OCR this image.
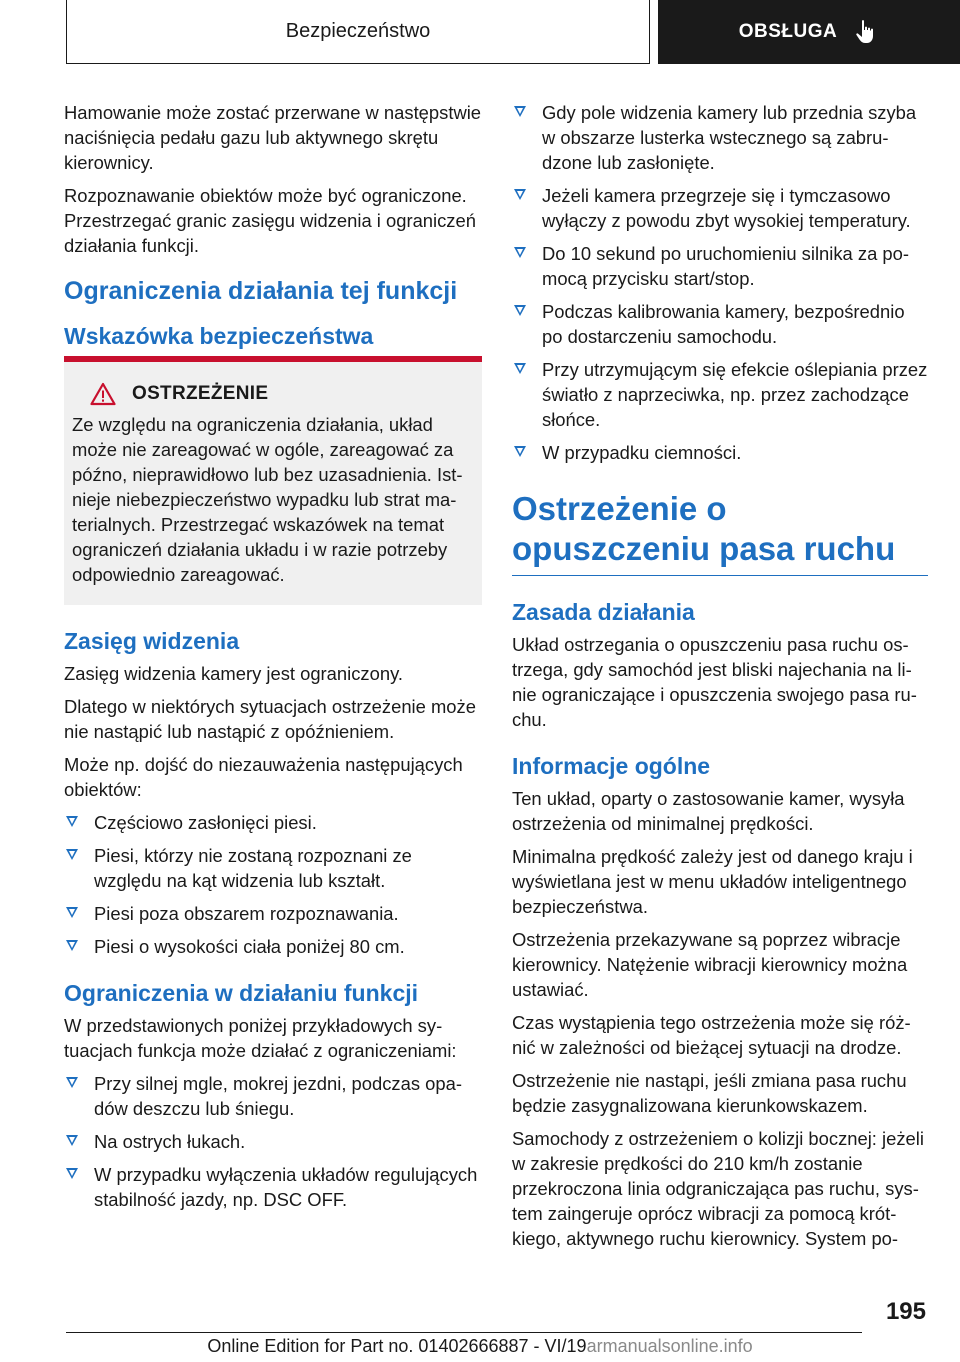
Bezpieczeństwo	OBSŁUGA

Hamowanie może zostać przerwane w następstwie naciśnięcia pedału gazu lub aktywnego skrętu kierownicy.

Rozpoznawanie obiektów może być ograniczone. Przestrzegać granic zasięgu widzenia i ograniczeń działania funkcji.

Ograniczenia działania tej funkcji
Wskazówka bezpieczeństwa
OSTRZEŻENIE

Ze względu na ograniczenia działania, układ może nie zareagować w ogóle, zareagować za późno, nieprawidłowo lub bez uzasadnienia. Istnieje niebezpieczeństwo wypadku lub strat materialnych. Przestrzegać wskazówek na temat ograniczeń działania układu i w razie potrzeby odpowiednio zareagować.

Zasięg widzenia

Zasięg widzenia kamery jest ograniczony.

Dlatego w niektórych sytuacjach ostrzeżenie może nie nastąpić lub nastąpić z opóźnieniem.

Może np. dojść do niezauważenia następujących obiektów:

Częściowo zasłonięci piesi.
Piesi, którzy nie zostaną rozpoznani ze względu na kąt widzenia lub kształt.
Piesi poza obszarem rozpoznawania.
Piesi o wysokości ciała poniżej 80 cm.
Ograniczenia w działaniu funkcji

W przedstawionych poniżej przykładowych sytuacjach funkcja może działać z ograniczeniami:

Przy silnej mgle, mokrej jezdni, podczas opadów deszczu lub śniegu.
Na ostrych łukach.
W przypadku wyłączenia układów regulujących stabilność jazdy, np. DSC OFF.
Gdy pole widzenia kamery lub przednia szyba w obszarze lusterka wstecznego są zabrudzone lub zasłonięte.
Jeżeli kamera przegrzeje się i tymczasowo wyłączy z powodu zbyt wysokiej temperatury.
Do 10 sekund po uruchomieniu silnika za pomocą przycisku start/stop.
Podczas kalibrowania kamery, bezpośrednio po dostarczeniu samochodu.
Przy utrzymującym się efekcie oślepiania przez światło z naprzeciwka, np. przez zachodzące słońce.
W przypadku ciemności.
Ostrzeżenie o opuszczeniu pasa ruchu
Zasada działania

Układ ostrzegania o opuszczeniu pasa ruchu ostrzega, gdy samochód jest bliski najechania na linie ograniczające i opuszczenia swojego pasa ruchu.

Informacje ogólne

Ten układ, oparty o zastosowanie kamer, wysyła ostrzeżenia od minimalnej prędkości.

Minimalna prędkość zależy jest od danego kraju i wyświetlana jest w menu układów inteligentnego bezpieczeństwa.

Ostrzeżenia przekazywane są poprzez wibracje kierownicy. Natężenie wibracji kierownicy można ustawiać.

Czas wystąpienia tego ostrzeżenia może się różnić w zależności od bieżącej sytuacji na drodze.

Ostrzeżenie nie nastąpi, jeśli zmiana pasa ruchu będzie zasygnalizowana kierunkowskazem.

Samochody z ostrzeżeniem o kolizji bocznej: jeżeli w zakresie prędkości do 210 km/h zostanie przekroczona linia odgraniczająca pas ruchu, system zaingeruje oprócz wibracji za pomocą krótkiego, aktywnego ruchu kierownicy. System po-

195
Online Edition for Part no. 01402666887 - VI/19armanualsonline.info
